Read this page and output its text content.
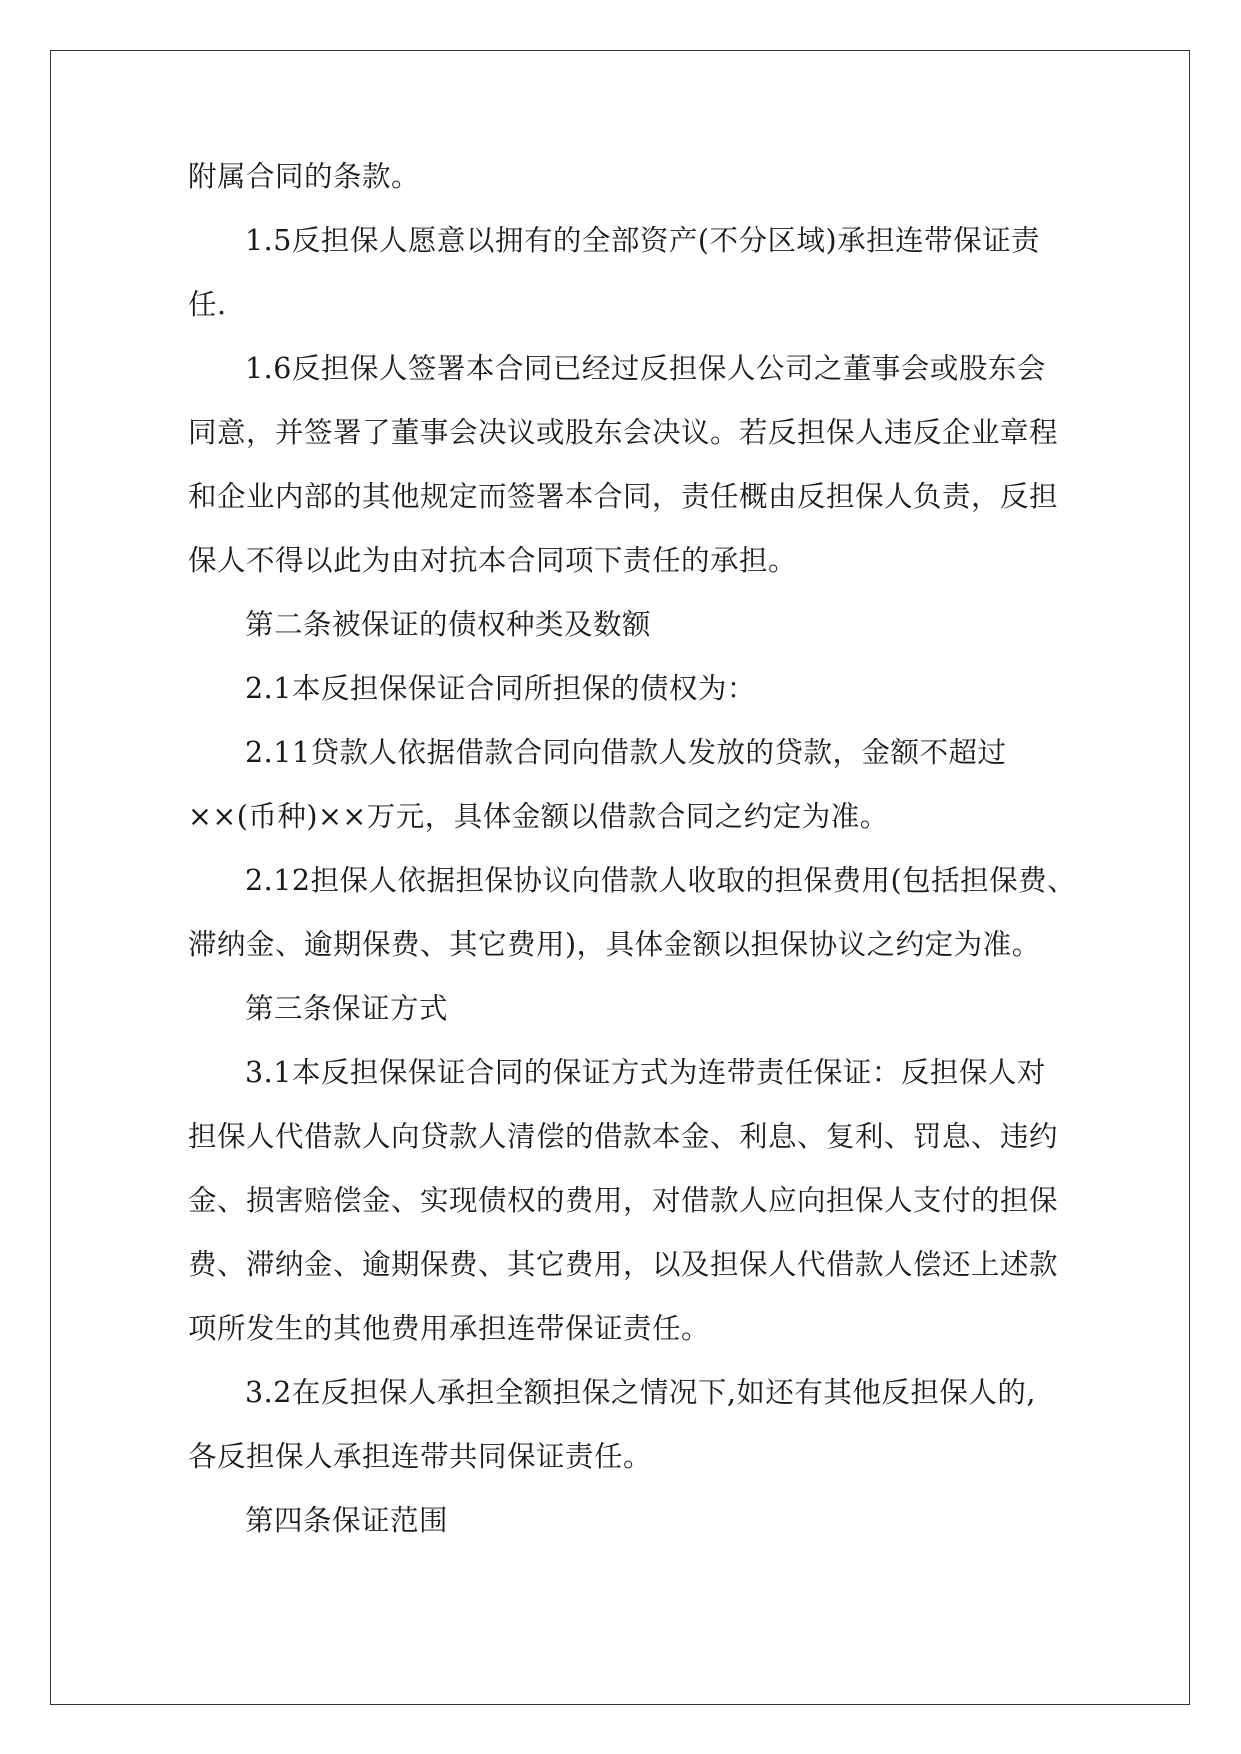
附属合同的条款。
1.5反担保人愿意以拥有的全部资产(不分区域)承担连带保证责
任.
1.6反担保人签署本合同已经过反担保人公司之董事会或股东会
同意，并签署了董事会决议或股东会决议。若反担保人违反企业章程
和企业内部的其他规定而签署本合同，责任概由反担保人负责，反担
保人不得以此为由对抗本合同项下责任的承担。
第二条被保证的债权种类及数额
2.1本反担保保证合同所担保的债权为：
2.11贷款人依据借款合同向借款人发放的贷款，金额不超过
××(币种)××万元，具体金额以借款合同之约定为准。
2.12担保人依据担保协议向借款人收取的担保费用(包括担保费、
滞纳金、逾期保费、其它费用)，具体金额以担保协议之约定为准。
第三条保证方式
3.1本反担保保证合同的保证方式为连带责任保证：反担保人对
担保人代借款人向贷款人清偿的借款本金、利息、复利、罚息、违约
金、损害赔偿金、实现债权的费用，对借款人应向担保人支付的担保
费、滞纳金、逾期保费、其它费用，以及担保人代借款人偿还上述款
项所发生的其他费用承担连带保证责任。
3.2在反担保人承担全额担保之情况下,如还有其他反担保人的,
各反担保人承担连带共同保证责任。
第四条保证范围
